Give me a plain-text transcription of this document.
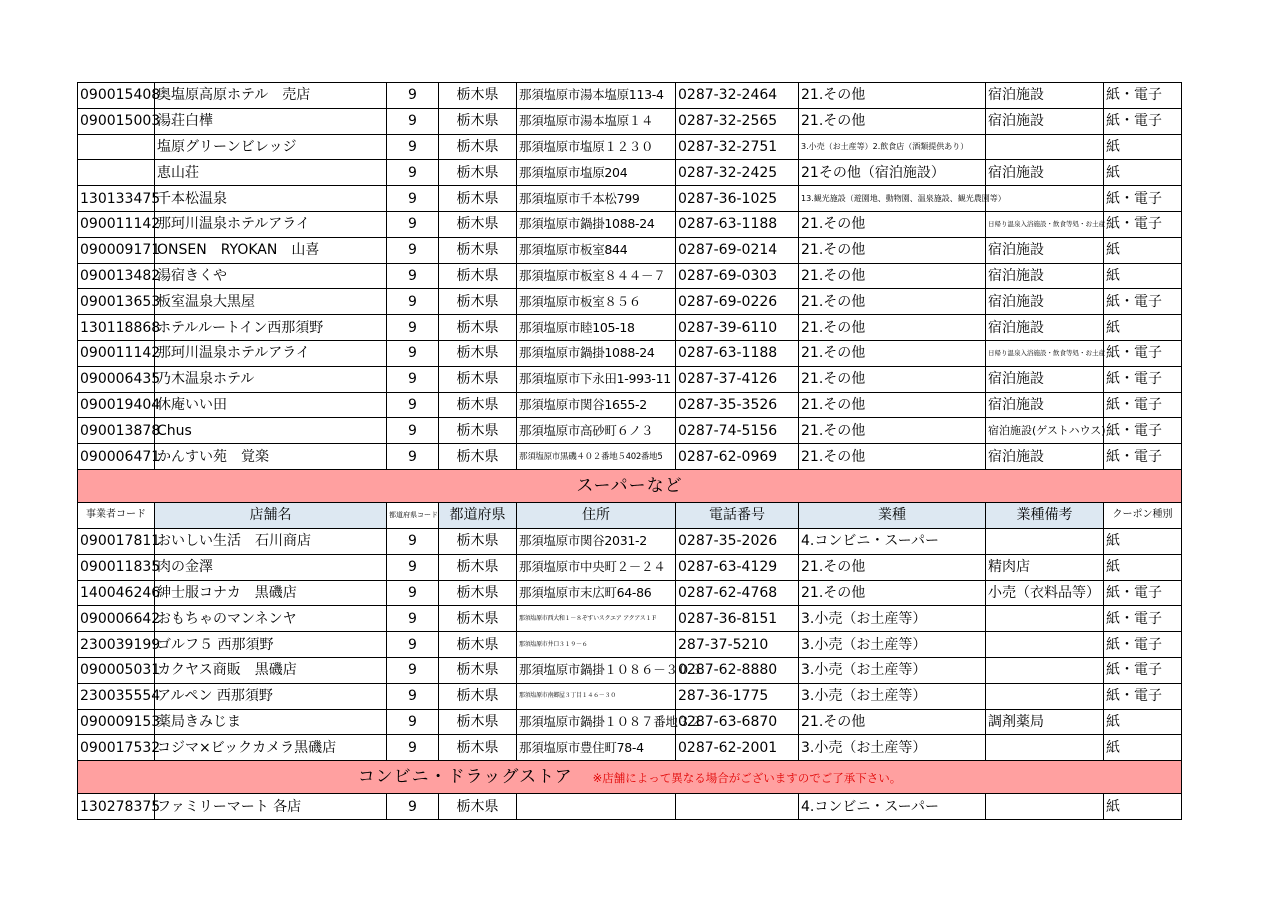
090015408	奥塩原高原ホテル　売店	9	栃木県	那須塩原市湯本塩原113-4	0287-32-2464	21.その他	宿泊施設	紙・電子
090015003	湯荘白樺	9	栃木県	那須塩原市湯本塩原１４	0287-32-2565	21.その他	宿泊施設	紙・電子
	塩原グリーンビレッジ	9	栃木県	那須塩原市塩原１２３０	0287-32-2751	3.小売（お土産等）2.飲食店（酒類提供あり）		紙
	恵山荘	9	栃木県	那須塩原市塩原204	0287-32-2425	21その他（宿泊施設）	宿泊施設	紙
130133475	千本松温泉	9	栃木県	那須塩原市千本松799	0287-36-1025	13.観光施設（遊園地、動物園、温泉施設、観光農園等）		紙・電子
090011142	那珂川温泉ホテルアライ	9	栃木県	那須塩原市鍋掛1088-24	0287-63-1188	21.その他	日帰り温泉入浴施設・飲食等処・お土産	紙・電子
090009171	ONSEN　RYOKAN　山喜	9	栃木県	那須塩原市板室844	0287-69-0214	21.その他	宿泊施設	紙
090013482	湯宿きくや	9	栃木県	那須塩原市板室８４４－７	0287-69-0303	21.その他	宿泊施設	紙
090013653	板室温泉大黒屋	9	栃木県	那須塩原市板室８５６	0287-69-0226	21.その他	宿泊施設	紙・電子
130118868	ホテルルートイン西那須野	9	栃木県	那須塩原市睦105-18	0287-39-6110	21.その他	宿泊施設	紙
090011142	那珂川温泉ホテルアライ	9	栃木県	那須塩原市鍋掛1088-24	0287-63-1188	21.その他	日帰り温泉入浴施設・飲食等処・お土産	紙・電子
090006435	乃木温泉ホテル	9	栃木県	那須塩原市下永田1-993-11	0287-37-4126	21.その他	宿泊施設	紙・電子
090019404	休庵いい田	9	栃木県	那須塩原市関谷1655-2	0287-35-3526	21.その他	宿泊施設	紙・電子
090013878	Chus	9	栃木県	那須塩原市高砂町６ノ３	0287-74-5156	21.その他	宿泊施設(ゲストハウス)	紙・電子
090006471	かんすい苑　覚楽	9	栃木県	那須塩原市黒磯４０２番地５402番地5	0287-62-0969	21.その他	宿泊施設	紙・電子
スーパーなど								
事業者コード	店舗名	都道府県コード	都道府県	住所	電話番号	業種	業種備考	クーポン種別
090017811	おいしい生活　石川商店	9	栃木県	那須塩原市関谷2031-2	0287-35-2026	4.コンビニ・スーパー		紙
090011835	肉の金澤	9	栃木県	那須塩原市中央町２－２４	0287-63-4129	21.その他	精肉店	紙
140046246	紳士服コナカ　黒磯店	9	栃木県	那須塩原市末広町64-86	0287-62-4768	21.その他	小売（衣料品等）	紙・電子
090006642	おもちゃのマンネンヤ	9	栃木県	那須塩原市西大和１－８ぞすいスクエア アクアス１Ｆ	0287-36-8151	3.小売（お土産等）		紙・電子
230039199	ゴルフ５ 西那須野	9	栃木県	那須塩原市井口３１９－６	287-37-5210	3.小売（お土産等）		紙・電子
090005031	カクヤス商販　黒磯店	9	栃木県	那須塩原市鍋掛１０８６－３０３	0287-62-8880	3.小売（お土産等）		紙・電子
230035554	アルペン 西那須野	9	栃木県	那須塩原市南郷屋３丁目１４６－３０	287-36-1775	3.小売（お土産等）		紙・電子
090009153	薬局きみじま	9	栃木県	那須塩原市鍋掛１０８７番地３２	0287-63-6870	21.その他	調剤薬局	紙
090017532	コジマ×ビックカメラ黒磯店	9	栃木県	那須塩原市豊住町78-4	0287-62-2001	3.小売（お土産等）		紙
コンビニ・ドラッグストア ※店舗によって異なる場合がございますのでご了承下さい。								
130278375	ファミリーマート 各店	9	栃木県			4.コンビニ・スーパー		紙
